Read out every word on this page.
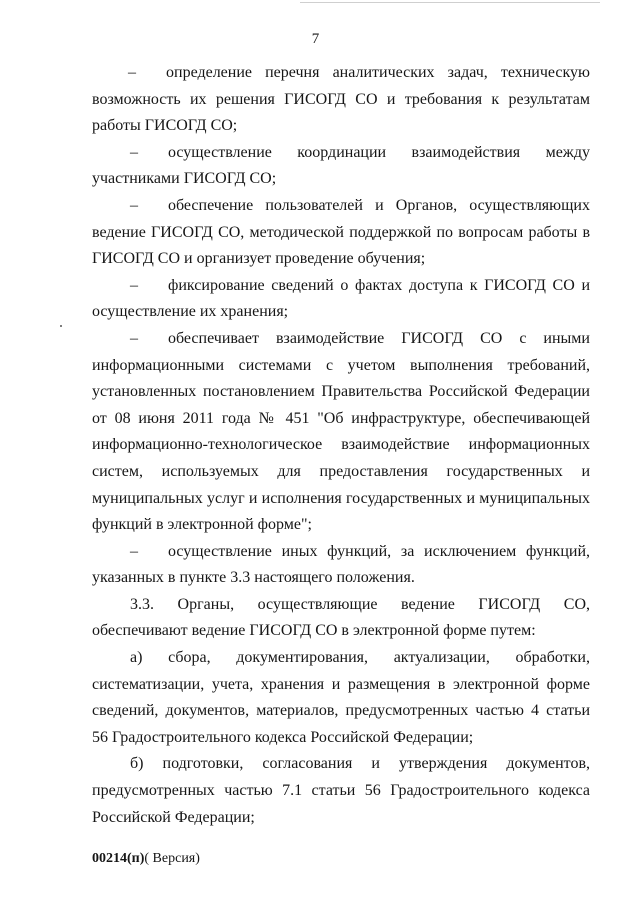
7

– определение перечня аналитических задач, техническую возможность их решения ГИСОГД СО и требования к результатам работы ГИСОГД СО;

– осуществление координации взаимодействия между участниками ГИСОГД СО;

– обеспечение пользователей и Органов, осуществляющих ведение ГИСОГД СО, методической поддержкой по вопросам работы в ГИСОГД СО и организует проведение обучения;

– фиксирование сведений о фактах доступа к ГИСОГД СО и осуществление их хранения;

– обеспечивает взаимодействие ГИСОГД СО с иными информационными системами с учетом выполнения требований, установленных постановлением Правительства Российской Федерации от 08 июня 2011 года № 451 "Об инфраструктуре, обеспечивающей информационно-технологическое взаимодействие информационных систем, используемых для предоставления государственных и муниципальных услуг и исполнения государственных и муниципальных функций в электронной форме";

– осуществление иных функций, за исключением функций, указанных в пункте 3.3 настоящего положения.

3.3. Органы, осуществляющие ведение ГИСОГД СО, обеспечивают ведение ГИСОГД СО в электронной форме путем:

а) сбора, документирования, актуализации, обработки, систематизации, учета, хранения и размещения в электронной форме сведений, документов, материалов, предусмотренных частью 4 статьи 56 Градостроительного кодекса Российской Федерации;

б) подготовки, согласования и утверждения документов, предусмотренных частью 7.1 статьи 56 Градостроительного кодекса Российской Федерации;

00214(п)( Версия)
